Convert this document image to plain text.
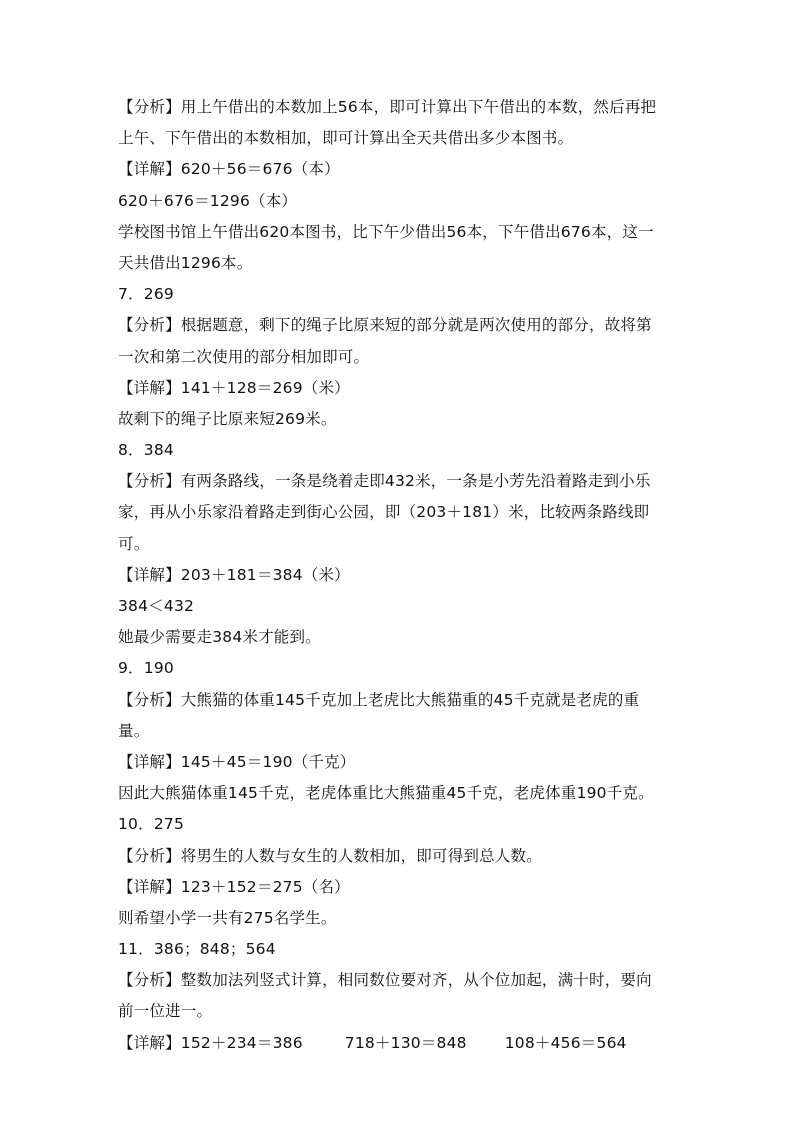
【分析】用上午借出的本数加上56本，即可计算出下午借出的本数，然后再把
上午、下午借出的本数相加，即可计算出全天共借出多少本图书。
【详解】620＋56＝676（本）
620＋676＝1296（本）
学校图书馆上午借出620本图书，比下午少借出56本，下午借出676本，这一
天共借出1296本。
7．269
【分析】根据题意，剩下的绳子比原来短的部分就是两次使用的部分，故将第
一次和第二次使用的部分相加即可。
【详解】141＋128＝269（米）
故剩下的绳子比原来短269米。
8．384
【分析】有两条路线，一条是绕着走即432米，一条是小芳先沿着路走到小乐
家，再从小乐家沿着路走到街心公园，即（203＋181）米，比较两条路线即
可。
【详解】203＋181＝384（米）
384＜432
她最少需要走384米才能到。
9．190
【分析】大熊猫的体重145千克加上老虎比大熊猫重的45千克就是老虎的重
量。
【详解】145＋45＝190（千克）
因此大熊猫体重145千克，老虎体重比大熊猫重45千克，老虎体重190千克。
10．275
【分析】将男生的人数与女生的人数相加，即可得到总人数。
【详解】123＋152＝275（名）
则希望小学一共有275名学生。
11．386；848；564
【分析】整数加法列竖式计算，相同数位要对齐，从个位加起，满十时，要向
前一位进一。
【详解】152＋234＝386	718＋130＝848 108＋456＝564
